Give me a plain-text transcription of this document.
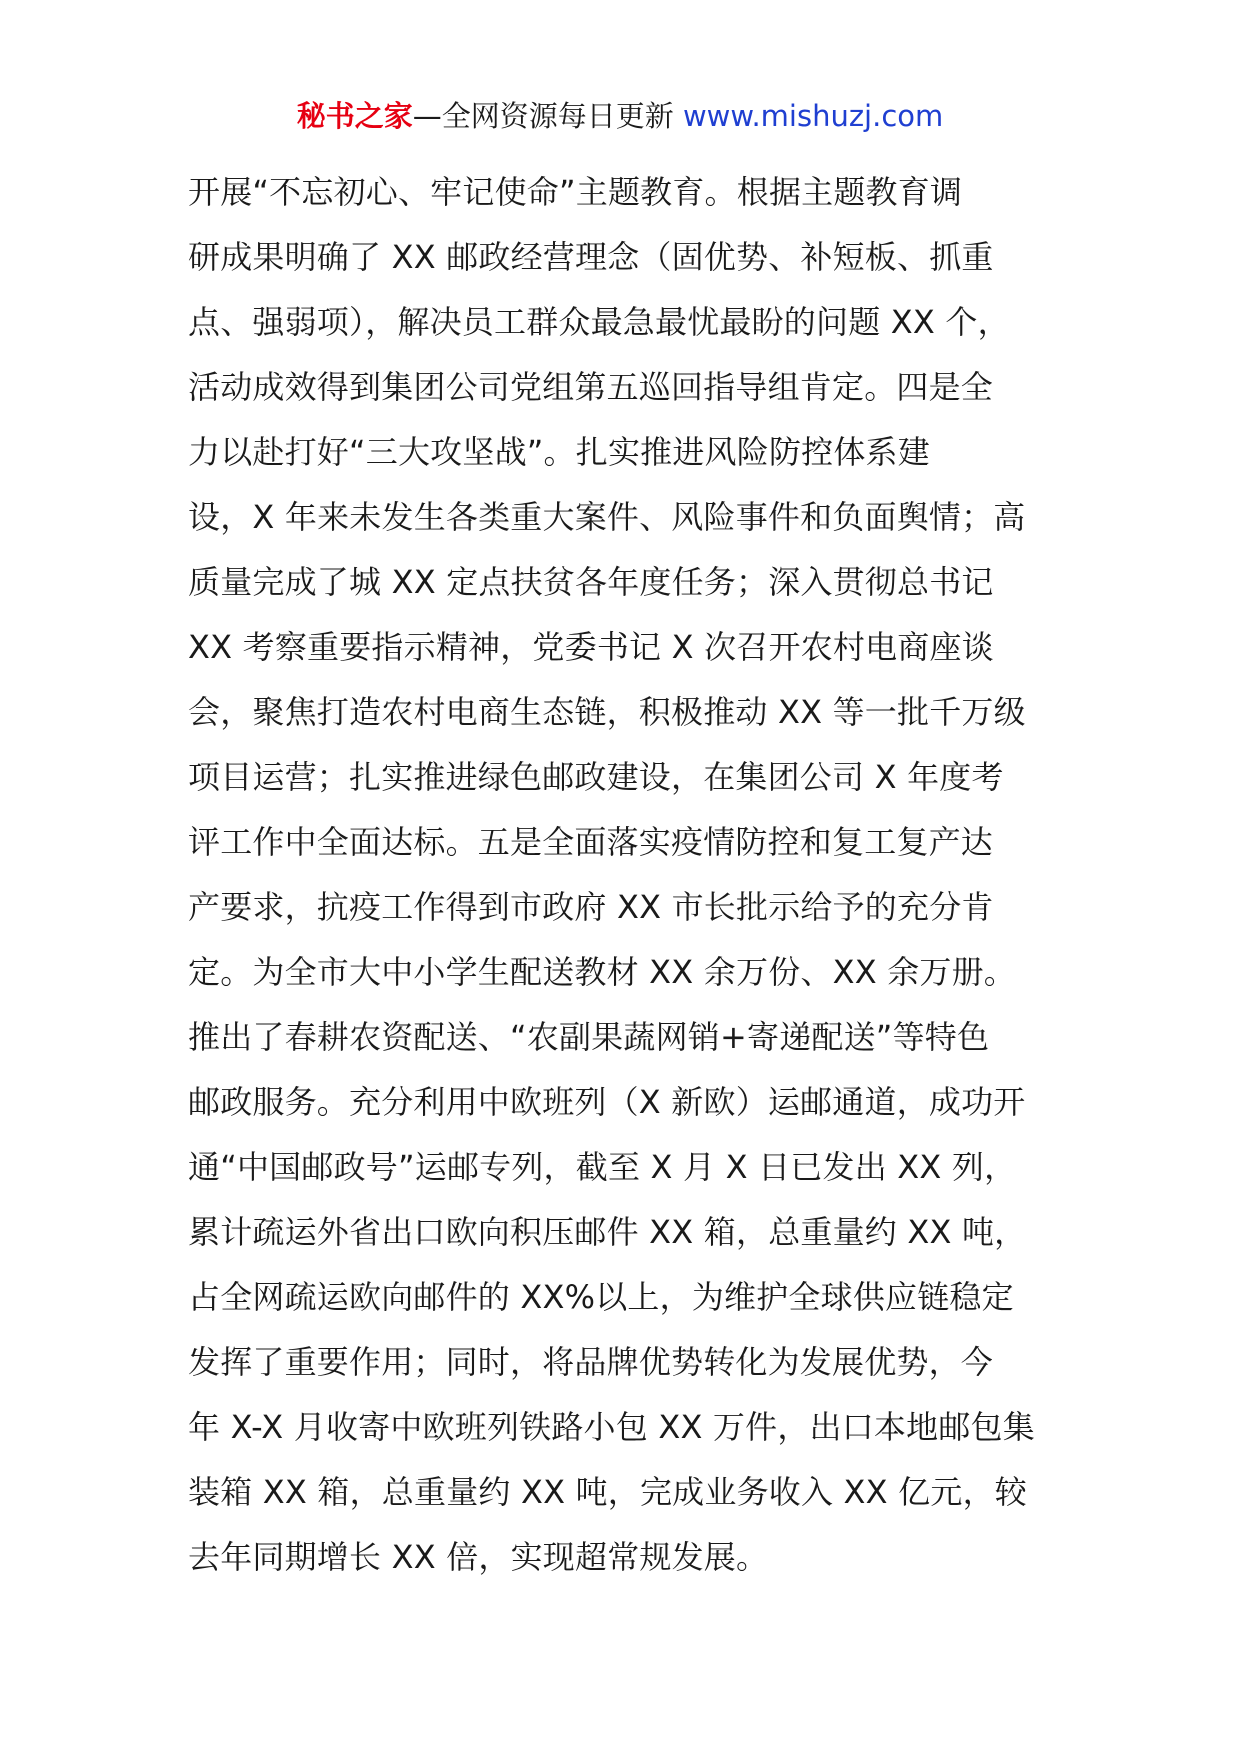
秘书之家—全网资源每日更新 www.mishuzj.com
开展“不忘初心、牢记使命”主题教育。根据主题教育调
研成果明确了 XX 邮政经营理念（固优势、补短板、抓重
点、强弱项），解决员工群众最急最忧最盼的问题 XX 个，
活动成效得到集团公司党组第五巡回指导组肯定。四是全
力以赴打好“三大攻坚战”。扎实推进风险防控体系建
设，X 年来未发生各类重大案件、风险事件和负面舆情；高
质量完成了城 XX 定点扶贫各年度任务；深入贯彻总书记
XX 考察重要指示精神，党委书记 X 次召开农村电商座谈
会，聚焦打造农村电商生态链，积极推动 XX 等一批千万级
项目运营；扎实推进绿色邮政建设，在集团公司 X 年度考
评工作中全面达标。五是全面落实疫情防控和复工复产达
产要求，抗疫工作得到市政府 XX 市长批示给予的充分肯
定。为全市大中小学生配送教材 XX 余万份、XX 余万册。
推出了春耕农资配送、“农副果蔬网销+寄递配送”等特色
邮政服务。充分利用中欧班列（X 新欧）运邮通道，成功开
通“中国邮政号”运邮专列，截至 X 月 X 日已发出 XX 列，
累计疏运外省出口欧向积压邮件 XX 箱，总重量约 XX 吨，
占全网疏运欧向邮件的 XX%以上，为维护全球供应链稳定
发挥了重要作用；同时，将品牌优势转化为发展优势，今
年 X-X 月收寄中欧班列铁路小包 XX 万件，出口本地邮包集
装箱 XX 箱，总重量约 XX 吨，完成业务收入 XX 亿元，较
去年同期增长 XX 倍，实现超常规发展。
